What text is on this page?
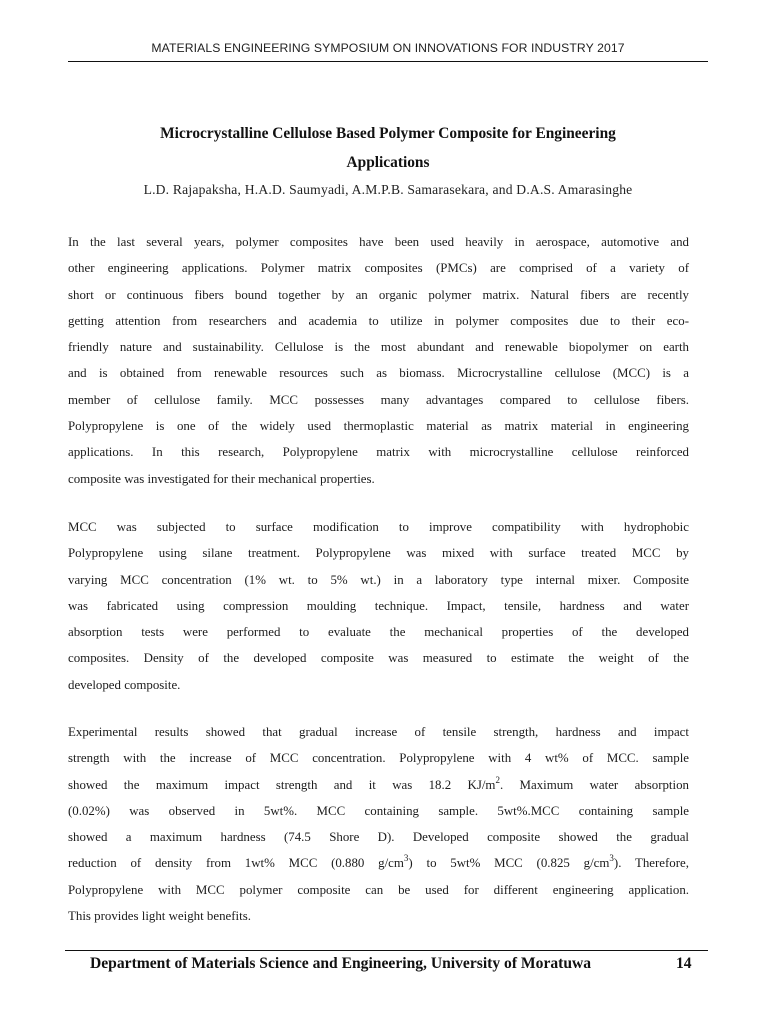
MATERIALS ENGINEERING SYMPOSIUM ON INNOVATIONS FOR INDUSTRY 2017
Microcrystalline Cellulose Based Polymer Composite for Engineering
Applications
L.D. Rajapaksha, H.A.D. Saumyadi, A.M.P.B. Samarasekara, and D.A.S. Amarasinghe
In the last several years, polymer composites have been used heavily in aerospace, automotive and
other engineering applications. Polymer matrix composites (PMCs) are comprised of a variety of
short or continuous fibers bound together by an organic polymer matrix. Natural fibers are recently
getting attention from researchers and academia to utilize in polymer composites due to their eco-
friendly nature and sustainability. Cellulose is the most abundant and renewable biopolymer on earth
and is obtained from renewable resources such as biomass. Microcrystalline cellulose (MCC) is a
member of cellulose family. MCC possesses many advantages compared to cellulose fibers.
Polypropylene is one of the widely used thermoplastic material as matrix material in engineering
applications. In this research, Polypropylene matrix with microcrystalline cellulose reinforced
composite was investigated for their mechanical properties.
MCC was subjected to surface modification to improve compatibility with hydrophobic
Polypropylene using silane treatment. Polypropylene was mixed with surface treated MCC by
varying MCC concentration (1% wt. to 5% wt.) in a laboratory type internal mixer. Composite
was fabricated using compression moulding technique. Impact, tensile, hardness and water
absorption tests were performed to evaluate the mechanical properties of the developed
composites. Density of the developed composite was measured to estimate the weight of the
developed composite.
Experimental results showed that gradual increase of tensile strength, hardness and impact
strength with the increase of MCC concentration. Polypropylene with 4 wt% of MCC. sample
showed the maximum impact strength and it was 18.2 $KJ/m^2$. Maximum water absorption
(0.02%) was observed in 5wt%. MCC containing sample. 5wt%.MCC containing sample
showed a maximum hardness (74.5 Shore D). Developed composite showed the gradual
reduction of density from 1wt% MCC (0.880 $g/cm^3$) to 5wt% MCC (0.825 $g/cm^3$). Therefore,
Polypropylene with MCC polymer composite can be used for different engineering application.
This provides light weight benefits.
Department of Materials Science and Engineering, University of Moratuwa	14
